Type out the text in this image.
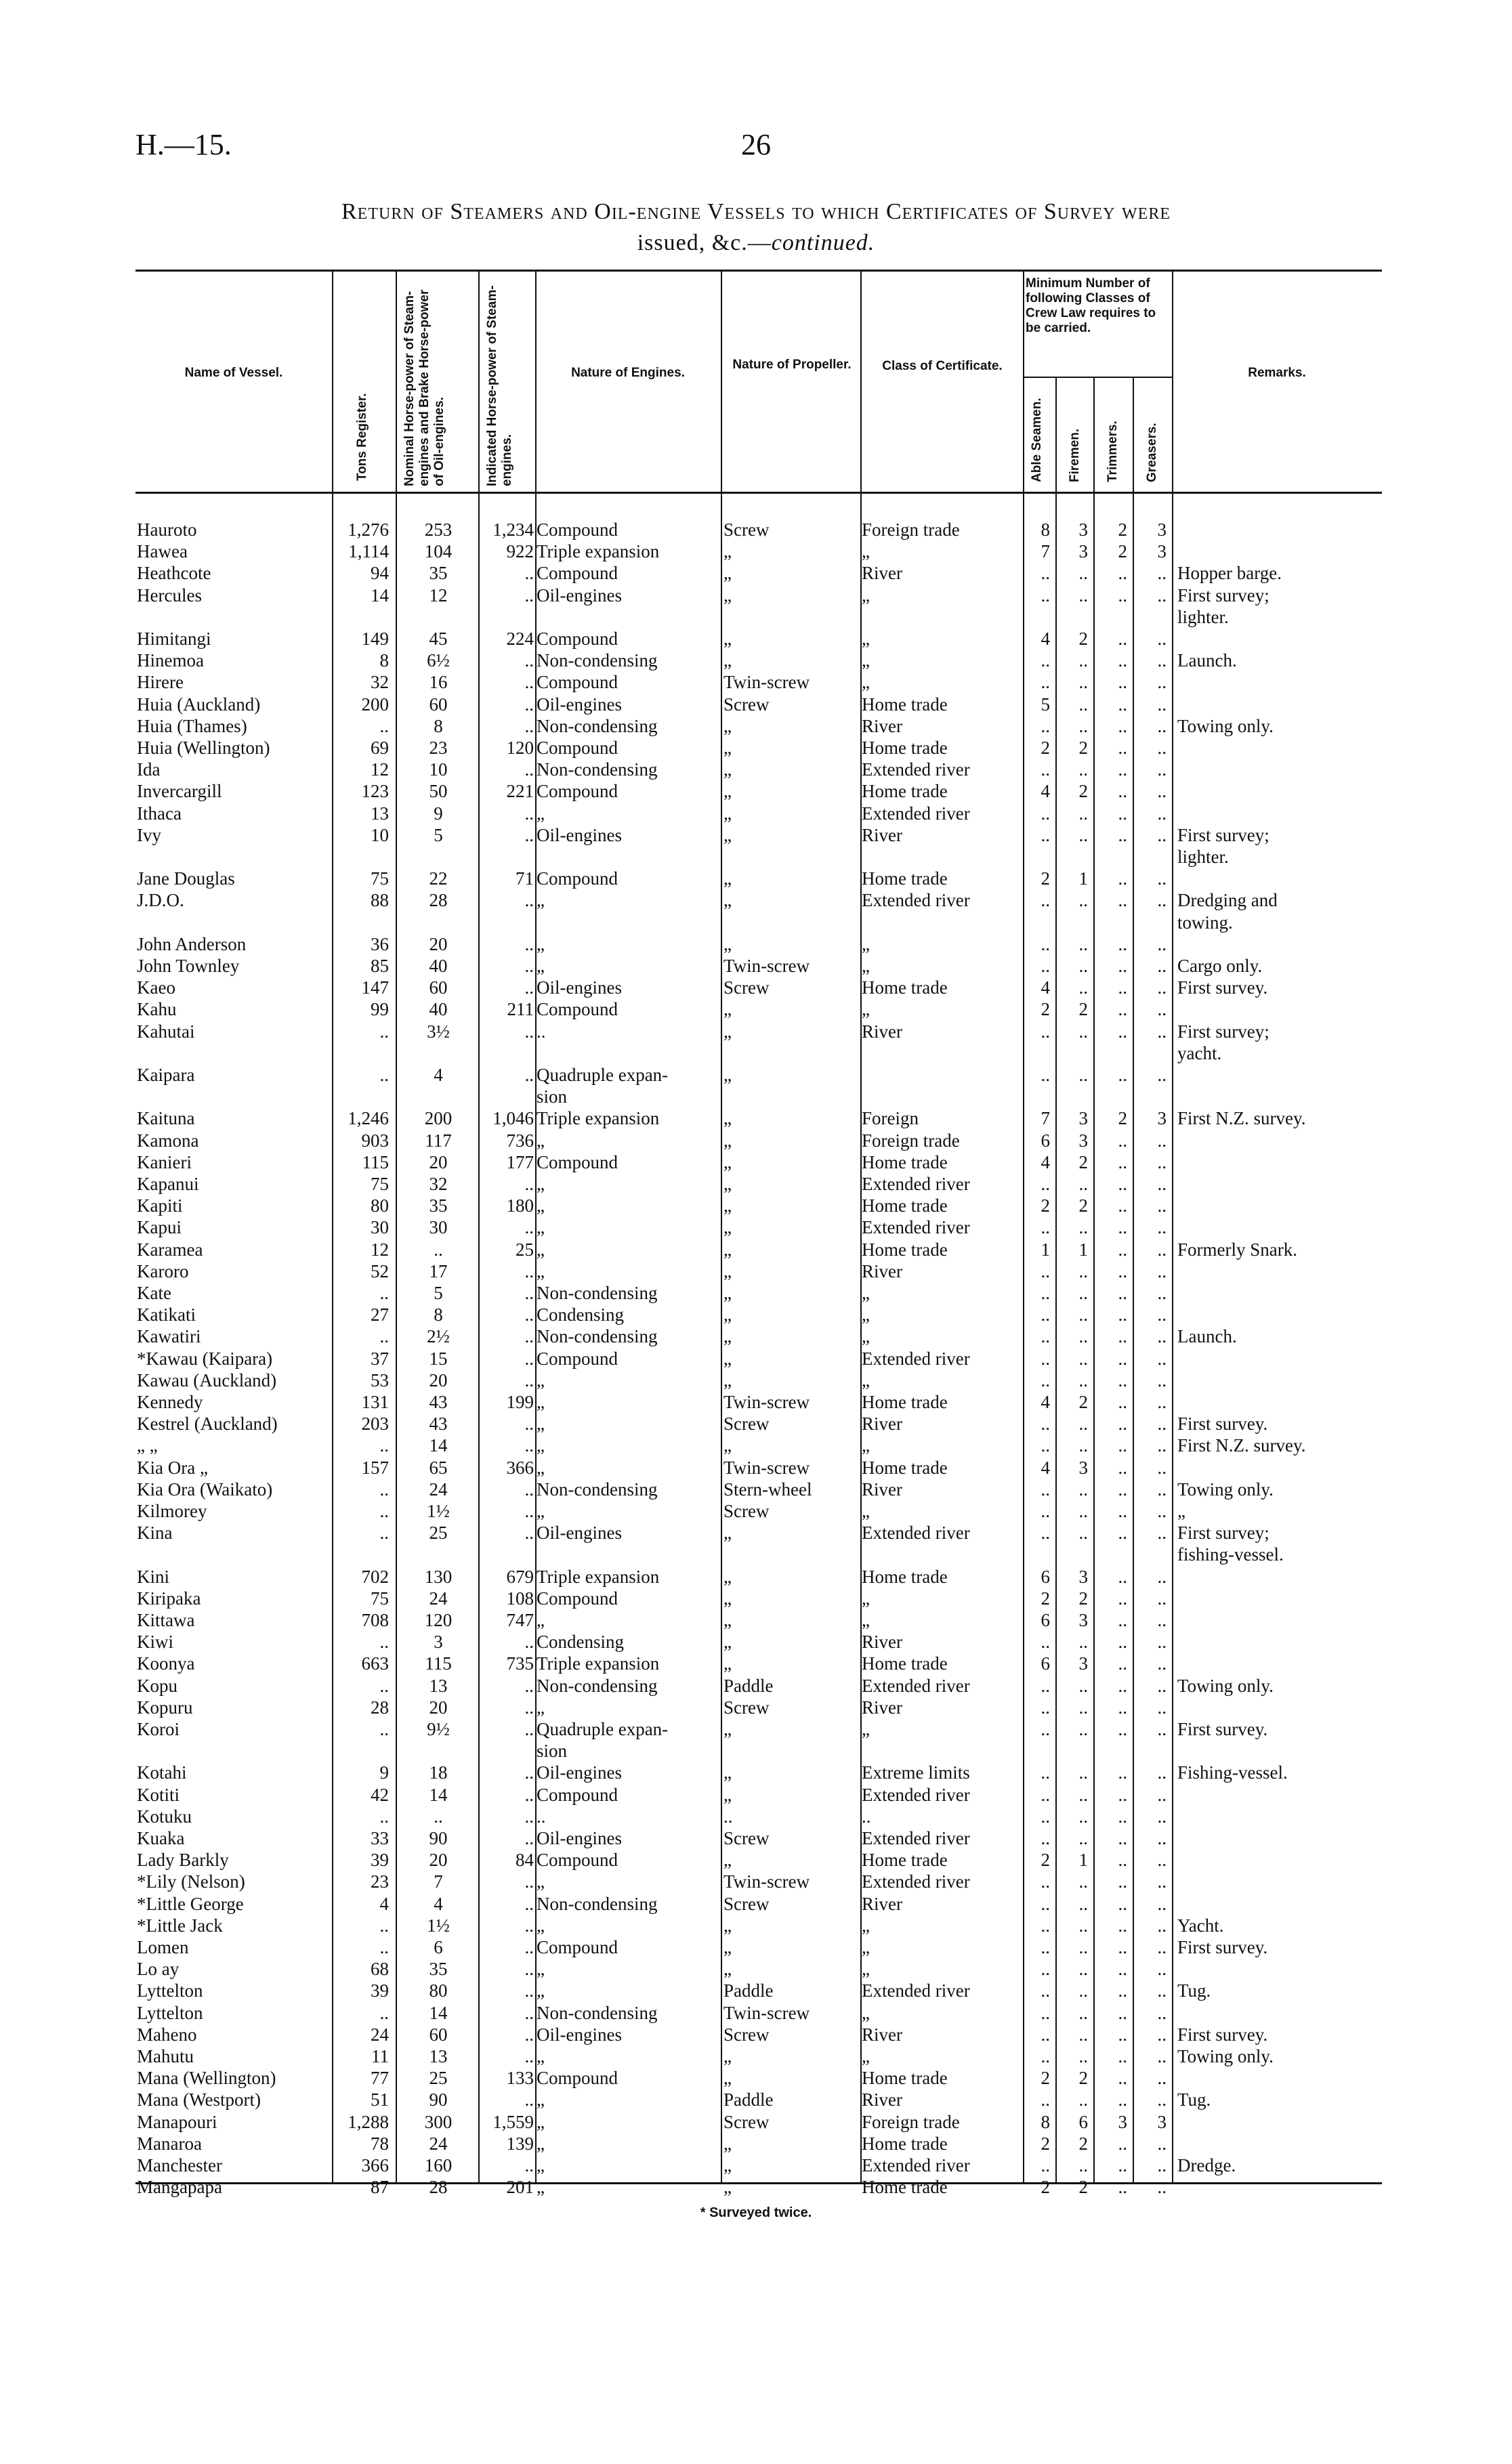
H.—15.	26
Return of Steamers and Oil-engine Vessels to which Certificates of Survey were
issued, &c.—continued.
Name of Vessel.
Tons Register.	Nominal Horse-power of Steam-engines and Brake Horse-power of Oil-engines.	Indicated Horse-power of Steam-engines.
Nature of Engines.
Nature of Propeller. Class of Certificate.
Minimum Number of following Classes of Crew Law requires to be carried.
Able Seamen. Firemen. Trimmers. Greasers.
Remarks.
Hauroto	1,276	253	1,234 Compound	Screw	Foreign trade	8	3	2	3
Hawea	1,114	104	922 Triple expansion	„	„	7	3	2	3
Heathcote	94	35	.. Compound	„	River	..	..	..	.. Hopper barge.
Hercules	14	12	.. Oil-engines	„	„	..	..	..	.. First survey;
lighter.
Himitangi	149	45	224 Compound	„	„	4	2	..	..
Hinemoa	8	6½	.. Non-condensing	„	„	..	..	..	.. Launch.
Hirere	32	16	.. Compound	Twin-screw	„	..	..	..	..
Huia (Auckland)	200	60	.. Oil-engines	Screw	Home trade	5	..	..	..
Huia (Thames)	..	8	.. Non-condensing	„	River	..	..	..	.. Towing only.
Huia (Wellington)	69	23	120 Compound	„	Home trade	2	2	..	..
Ida	12	10	.. Non-condensing	„	Extended river	..	..	..	..
Invercargill	123	50	221 Compound	„	Home trade	4	2	..	..
Ithaca	13	9	.. „	„	Extended river	..	..	..	..
Ivy	10	5	.. Oil-engines	„	River	..	..	..	.. First survey;
lighter.
Jane Douglas	75	22	71 Compound	„	Home trade	2	1	..	..
J.D.O.	88	28	.. „	„	Extended river	..	..	..	.. Dredging and
towing.
John Anderson	36	20	.. „	„	„	..	..	..	..
John Townley	85	40	.. „	Twin-screw	„	..	..	..	.. Cargo only.
Kaeo	147	60	.. Oil-engines	Screw	Home trade	4	..	..	.. First survey.
Kahu	99	40	211 Compound	„	„	2	2	..	..
Kahutai	..	3½	.. ..	„	River	..	..	..	.. First survey;
yacht.
Kaipara	..	4	.. Quadruple expan-	„	..	..	..	..
sion
Kaituna	1,246	200	1,046 Triple expansion	„	Foreign	7	3	2	3 First N.Z. survey.
Kamona	903	117	736 „	„	Foreign trade	6	3	..	..
Kanieri	115	20	177 Compound	„	Home trade	4	2	..	..
Kapanui	75	32	.. „	„	Extended river	..	..	..	..
Kapiti	80	35	180 „	„	Home trade	2	2	..	..
Kapui	30	30	.. „	„	Extended river	..	..	..	..
Karamea	12	..	25 „	„	Home trade	1	1	..	.. Formerly Snark.
Karoro	52	17	.. „	„	River	..	..	..	..
Kate	..	5	.. Non-condensing	„	„	..	..	..	..
Katikati	27	8	.. Condensing	„	„	..	..	..	..
Kawatiri	..	2½	.. Non-condensing	„	„	..	..	..	.. Launch.
*Kawau (Kaipara)	37	15	.. Compound	„	Extended river	..	..	..	..
Kawau (Auckland)	53	20	.. „	„	„	..	..	..	..
Kennedy	131	43	199 „	Twin-screw	Home trade	4	2	..	..
Kestrel (Auckland)	203	43	.. „	Screw	River	..	..	..	.. First survey.
„ „	..	14	.. „	„	„	..	..	..	.. First N.Z. survey.
Kia Ora „	157	65	366 „	Twin-screw	Home trade	4	3	..	..
Kia Ora (Waikato)	..	24	.. Non-condensing	Stern-wheel	River	..	..	..	.. Towing only.
Kilmorey	..	1½	.. „	Screw	„	..	..	..	.. „
Kina	..	25	.. Oil-engines	„	Extended river	..	..	..	.. First survey;
fishing-vessel.
Kini	702	130	679 Triple expansion	„	Home trade	6	3	..	..
Kiripaka	75	24	108 Compound	„	„	2	2	..	..
Kittawa	708	120	747 „	„	„	6	3	..	..
Kiwi	..	3	.. Condensing	„	River	..	..	..	..
Koonya	663	115	735 Triple expansion	„	Home trade	6	3	..	..
Kopu	..	13	.. Non-condensing	Paddle	Extended river	..	..	..	.. Towing only.
Kopuru	28	20	.. „	Screw	River	..	..	..	..
Koroi	..	9½	.. Quadruple expan-	„	„	..	..	..	.. First survey.
sion
Kotahi	9	18	.. Oil-engines	„	Extreme limits	..	..	..	.. Fishing-vessel.
Kotiti	42	14	.. Compound	„	Extended river	..	..	..	..
Kotuku	..	..	.. ..	..	..	..	..	..	..
Kuaka	33	90	.. Oil-engines	Screw	Extended river	..	..	..	..
Lady Barkly	39	20	84 Compound	„	Home trade	2	1	..	..
*Lily (Nelson)	23	7	.. „	Twin-screw	Extended river	..	..	..	..
*Little George	4	4	.. Non-condensing	Screw	River	..	..	..	..
*Little Jack	..	1½	.. „	„	„	..	..	..	.. Yacht.
Lomen	..	6	.. Compound	„	„	..	..	..	.. First survey.
Lo ay	68	35	.. „	„	„	..	..	..	..
Lyttelton	39	80	.. „	Paddle	Extended river	..	..	..	.. Tug.
Lyttelton	..	14	.. Non-condensing	Twin-screw	„	..	..	..	..
Maheno	24	60	.. Oil-engines	Screw	River	..	..	..	.. First survey.
Mahutu	11	13	.. „	„	„	..	..	..	.. Towing only.
Mana (Wellington)	77	25	133 Compound	„	Home trade	2	2	..	..
Mana (Westport)	51	90	.. „	Paddle	River	..	..	..	.. Tug.
Manapouri	1,288	300	1,559 „	Screw	Foreign trade	8	6	3	3
Manaroa	78	24	139 „	„	Home trade	2	2	..	..
Manchester	366	160	.. „	„	Extended river	..	..	..	.. Dredge.
Mangapapa	87	28	201 „	„	Home trade	2	2	..	..
* Surveyed twice.
